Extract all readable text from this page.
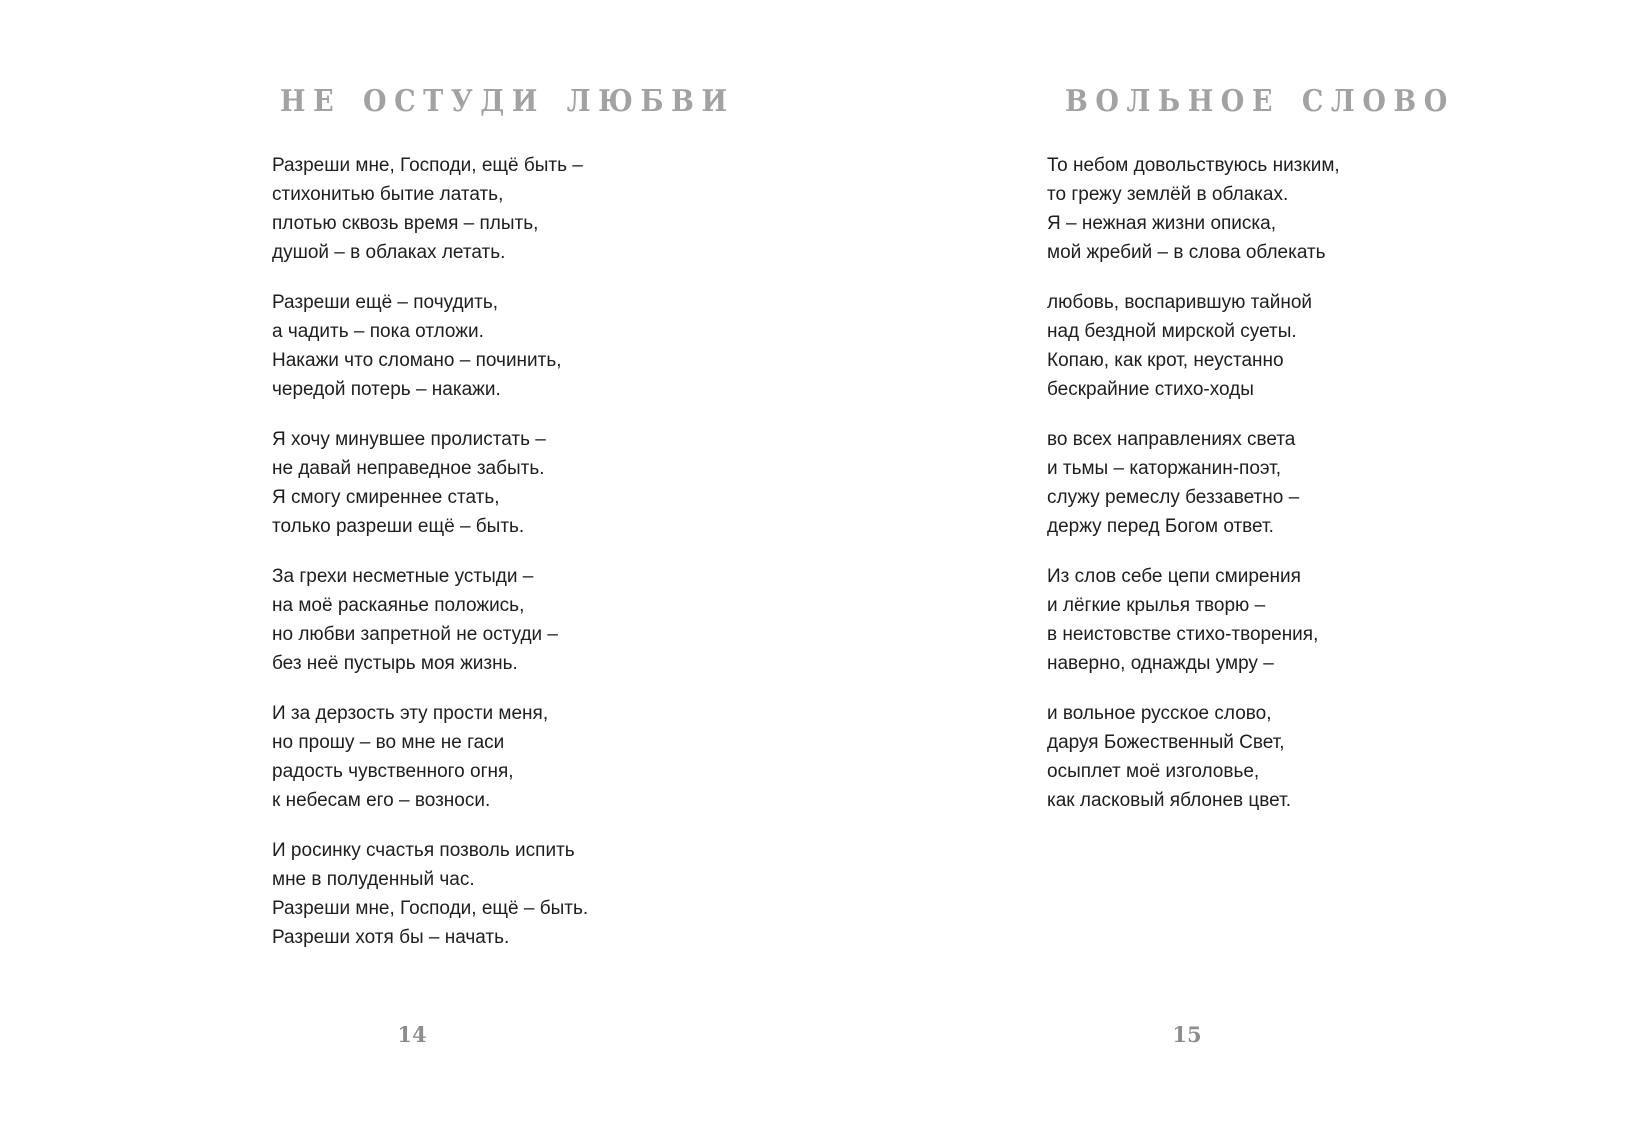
НЕ ОСТУДИ ЛЮБВИ
Разреши мне, Господи, ещё быть –
стихонитью бытие латать,
плотью сквозь время – плыть,
душой – в облаках летать.
Разреши ещё – почудить,
а чадить – пока отложи.
Накажи что сломано – починить,
чередой потерь – накажи.
Я хочу минувшее пролистать –
не давай неправедное забыть.
Я смогу смиреннее стать,
только разреши ещё – быть.
За грехи несметные устыди –
на моё раскаянье положись,
но любви запретной не остуди –
без неё пустырь моя жизнь.
И за дерзость эту прости меня,
но прошу – во мне не гаси
радость чувственного огня,
к небесам его – возноси.
И росинку счастья позволь испить
мне в полуденный час.
Разреши мне, Господи, ещё – быть.
Разреши хотя бы – начать.
14
ВОЛЬНОЕ СЛОВО
То небом довольствуюсь низким,
то грежу землёй в облаках.
Я – нежная жизни описка,
мой жребий – в слова облекать
любовь, воспарившую тайной
над бездной мирской суеты.
Копаю, как крот, неустанно
бескрайние стихо-ходы
во всех направлениях света
и тьмы – каторжанин-поэт,
служу ремеслу беззаветно –
держу перед Богом ответ.
Из слов себе цепи смирения
и лёгкие крылья творю –
в неистовстве стихо-творения,
наверно, однажды умру –
и вольное русское слово,
даруя Божественный Свет,
осыплет моё изголовье,
как ласковый яблонев цвет.
15
